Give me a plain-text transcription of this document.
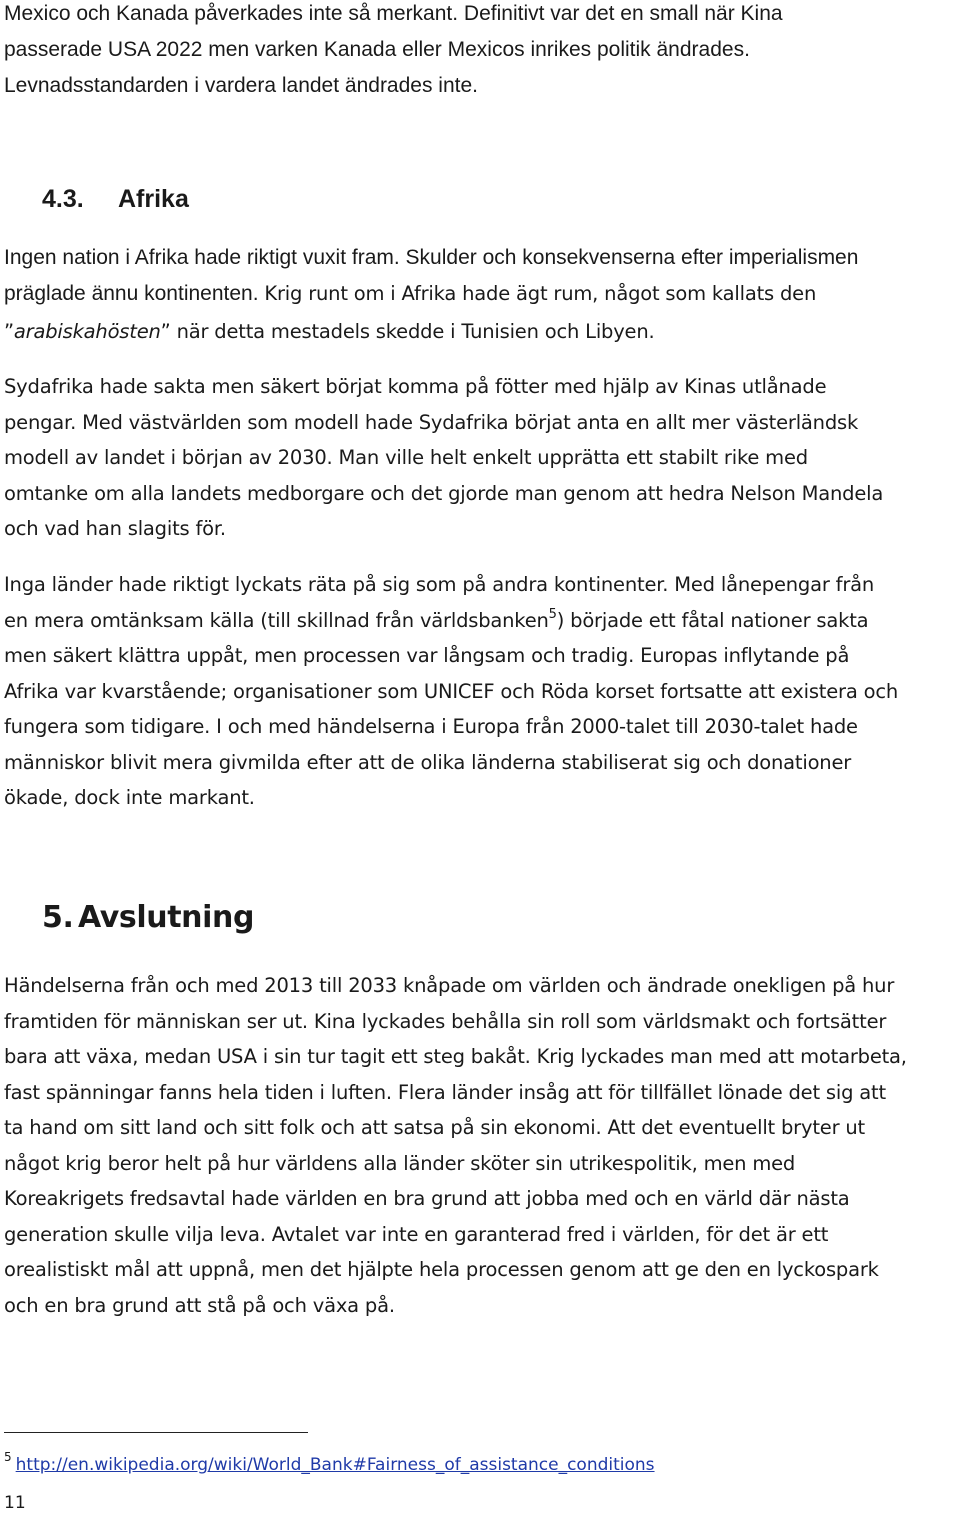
Mexico och Kanada påverkades inte så merkant. Definitivt var det en small när Kina
passerade USA 2022 men varken Kanada eller Mexicos inrikes politik ändrades.
Levnadsstandarden i vardera landet ändrades inte.
4.3. Afrika
Ingen nation i Afrika hade riktigt vuxit fram. Skulder och konsekvenserna efter imperialismen
präglade ännu kontinenten. Krig runt om i Afrika hade ägt rum, något som kallats den
”arabiskahösten” när detta mestadels skedde i Tunisien och Libyen.
Sydafrika hade sakta men säkert börjat komma på fötter med hjälp av Kinas utlånade
pengar. Med västvärlden som modell hade Sydafrika börjat anta en allt mer västerländsk
modell av landet i början av 2030. Man ville helt enkelt upprätta ett stabilt rike med
omtanke om alla landets medborgare och det gjorde man genom att hedra Nelson Mandela
och vad han slagits för.
Inga länder hade riktigt lyckats räta på sig som på andra kontinenter. Med lånepengar från
en mera omtänksam källa (till skillnad från världsbanken$^5$) började ett fåtal nationer sakta
men säkert klättra uppåt, men processen var långsam och tradig. Europas inflytande på
Afrika var kvarstående; organisationer som UNICEF och Röda korset fortsatte att existera och
fungera som tidigare. I och med händelserna i Europa från 2000-talet till 2030-talet hade
människor blivit mera givmilda efter att de olika länderna stabiliserat sig och donationer
ökade, dock inte markant.
5. Avslutning
Händelserna från och med 2013 till 2033 knåpade om världen och ändrade onekligen på hur
framtiden för människan ser ut. Kina lyckades behålla sin roll som världsmakt och fortsätter
bara att växa, medan USA i sin tur tagit ett steg bakåt. Krig lyckades man med att motarbeta,
fast spänningar fanns hela tiden i luften. Flera länder insåg att för tillfället lönade det sig att
ta hand om sitt land och sitt folk och att satsa på sin ekonomi. Att det eventuellt bryter ut
något krig beror helt på hur världens alla länder sköter sin utrikespolitik, men med
Koreakrigets fredsavtal hade världen en bra grund att jobba med och en värld där nästa
generation skulle vilja leva. Avtalet var inte en garanterad fred i världen, för det är ett
orealistiskt mål att uppnå, men det hjälpte hela processen genom att ge den en lyckospark
och en bra grund att stå på och växa på.
$^5$ http://en.wikipedia.org/wiki/World_Bank#Fairness_of_assistance_conditions
11
